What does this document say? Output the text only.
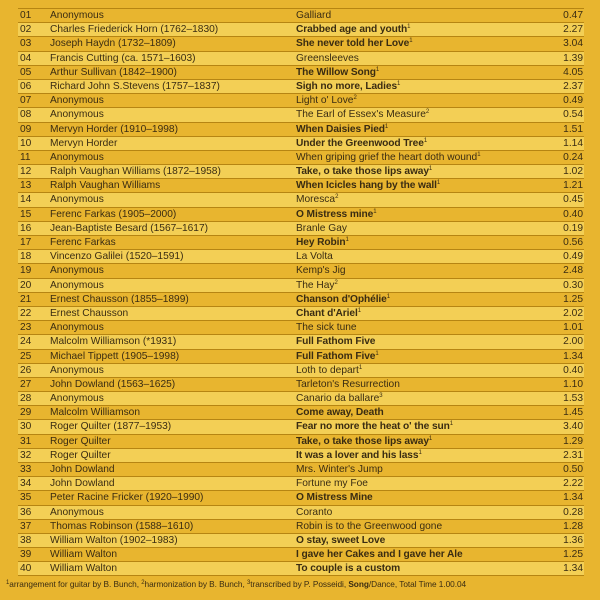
01	Anonymous	Galliard	0.47
02	Charles Friederick Horn (1762–1830)	Crabbed age and youth$^1$	2.27
03	Joseph Haydn (1732–1809)	She never told her Love$^1$	3.04
04	Francis Cutting (ca. 1571–1603)	Greensleeves	1.39
05	Arthur Sullivan (1842–1900)	The Willow Song$^1$	4.05
06	Richard John S.Stevens (1757–1837)	Sigh no more, Ladies$^1$	2.37
07	Anonymous	Light o' Love$^2$	0.49
08	Anonymous	The Earl of Essex's Measure$^2$	0.54
09	Mervyn Horder (1910–1998)	When Daisies Pied$^1$	1.51
10	Mervyn Horder	Under the Greenwood Tree$^1$	1.14
11	Anonymous	When griping grief the heart doth wound$^1$	0.24
12	Ralph Vaughan Williams (1872–1958)	Take, o take those lips away$^1$	1.02
13	Ralph Vaughan Williams	When Icicles hang by the wall$^1$	1.21
14	Anonymous	Moresca$^2$	0.45
15	Ferenc Farkas (1905–2000)	O Mistress mine$^1$	0.40
16	Jean-Baptiste Besard (1567–1617)	Branle Gay	0.19
17	Ferenc Farkas	Hey Robin$^1$	0.56
18	Vincenzo Galilei (1520–1591)	La Volta	0.49
19	Anonymous	Kemp's Jig	2.48
20	Anonymous	The Hay$^2$	0.30
21	Ernest Chausson (1855–1899)	Chanson d'Ophélie$^1$	1.25
22	Ernest Chausson	Chant d'Ariel$^1$	2.02
23	Anonymous	The sick tune	1.01
24	Malcolm Williamson (*1931)	Full Fathom Five	2.00
25	Michael Tippett (1905–1998)	Full Fathom Five$^1$	1.34
26	Anonymous	Loth to depart$^1$	0.40
27	John Dowland (1563–1625)	Tarleton's Resurrection	1.10
28	Anonymous	Canario da ballare$^3$	1.53
29	Malcolm Williamson	Come away, Death	1.45
30	Roger Quilter (1877–1953)	Fear no more the heat o' the sun$^1$	3.40
31	Roger Quilter	Take, o take those lips away$^1$	1.29
32	Roger Quilter	It was a lover and his lass$^1$	2.31
33	John Dowland	Mrs. Winter's Jump	0.50
34	John Dowland	Fortune my Foe	2.22
35	Peter Racine Fricker (1920–1990)	O Mistress Mine	1.34
36	Anonymous	Coranto	0.28
37	Thomas Robinson (1588–1610)	Robin is to the Greenwood gone	1.28
38	William Walton (1902–1983)	O stay, sweet Love	1.36
39	William Walton	I gave her Cakes and I gave her Ale	1.25
40	William Walton	To couple is a custom	1.34
$^1$arrangement for guitar by B. Bunch, $^2$harmonization by B. Bunch, $^3$transcribed by P. Posseidi, Song/Dance, Total Time 1.00.04
